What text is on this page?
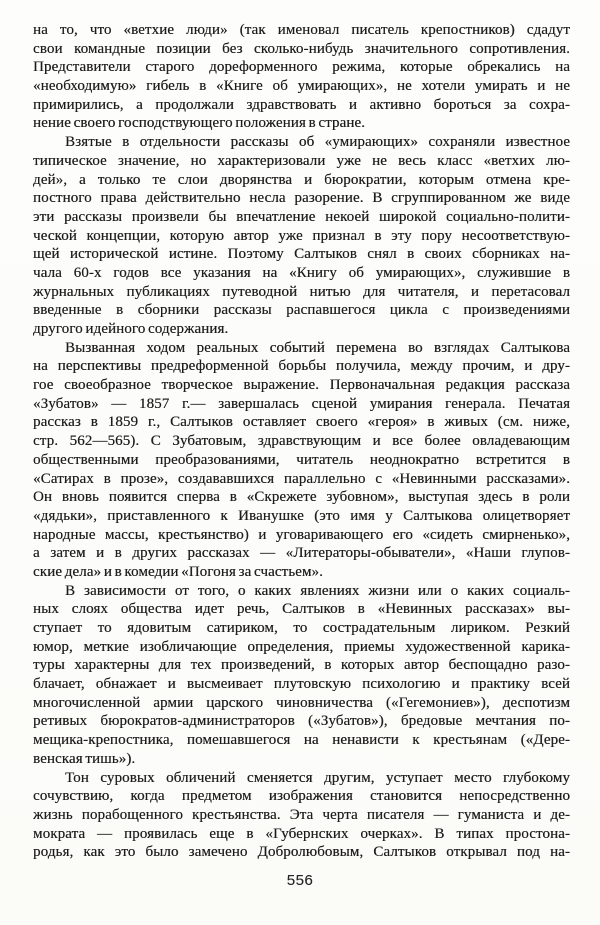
на то, что «ветхие люди» (так именовал писатель крепостников) сдадут
свои командные позиции без сколько-нибудь значительного сопротивления.
Представители старого дореформенного режима, которые обрекались на
«необходимую» гибель в «Книге об умирающих», не хотели умирать и не
примирились, а продолжали здравствовать и активно бороться за сохра-
нение своего господствующего положения в стране.
Взятые в отдельности рассказы об «умирающих» сохраняли известное
типическое значение, но характеризовали уже не весь класс «ветхих лю-
дей», а только те слои дворянства и бюрократии, которым отмена кре-
постного права действительно несла разорение. В сгруппированном же виде
эти рассказы произвели бы впечатление некоей широкой социально-полити-
ческой концепции, которую автор уже признал в эту пору несоответствую-
щей исторической истине. Поэтому Салтыков снял в своих сборниках на-
чала 60-х годов все указания на «Книгу об умирающих», служившие в
журнальных публикациях путеводной нитью для читателя, и перетасовал
введенные в сборники рассказы распавшегося цикла с произведениями
другого идейного содержания.
Вызванная ходом реальных событий перемена во взглядах Салтыкова
на перспективы предреформенной борьбы получила, между прочим, и дру-
гое своеобразное творческое выражение. Первоначальная редакция рассказа
«Зубатов» — 1857 г.— завершалась сценой умирания генерала. Печатая
рассказ в 1859 г., Салтыков оставляет своего «героя» в живых (см. ниже,
стр. 562—565). С Зубатовым, здравствующим и все более овладевающим
общественными преобразованиями, читатель неоднократно встретится в
«Сатирах в прозе», создававшихся параллельно с «Невинными рассказами».
Он вновь появится сперва в «Скрежете зубовном», выступая здесь в роли
«дядьки», приставленного к Иванушке (это имя у Салтыкова олицетворяет
народные массы, крестьянство) и уговаривающего его «сидеть смирненько»,
а затем и в других рассказах — «Литераторы-обыватели», «Наши глупов-
ские дела» и в комедии «Погоня за счастьем».
В зависимости от того, о каких явлениях жизни или о каких социаль-
ных слоях общества идет речь, Салтыков в «Невинных рассказах» вы-
ступает то ядовитым сатириком, то сострадательным лириком. Резкий
юмор, меткие изобличающие определения, приемы художественной карика-
туры характерны для тех произведений, в которых автор беспощадно разо-
блачает, обнажает и высмеивает плутовскую психологию и практику всей
многочисленной армии царского чиновничества («Гегемониев»), деспотизм
ретивых бюрократов-администраторов («Зубатов»), бредовые мечтания по-
мещика-крепостника, помешавшегося на ненависти к крестьянам («Дере-
венская тишь»).
Тон суровых обличений сменяется другим, уступает место глубокому
сочувствию, когда предметом изображения становится непосредственно
жизнь порабощенного крестьянства. Эта черта писателя — гуманиста и де-
мократа — проявилась еще в «Губернских очерках». В типах простона-
родья, как это было замечено Добролюбовым, Салтыков открывал под на-
556
